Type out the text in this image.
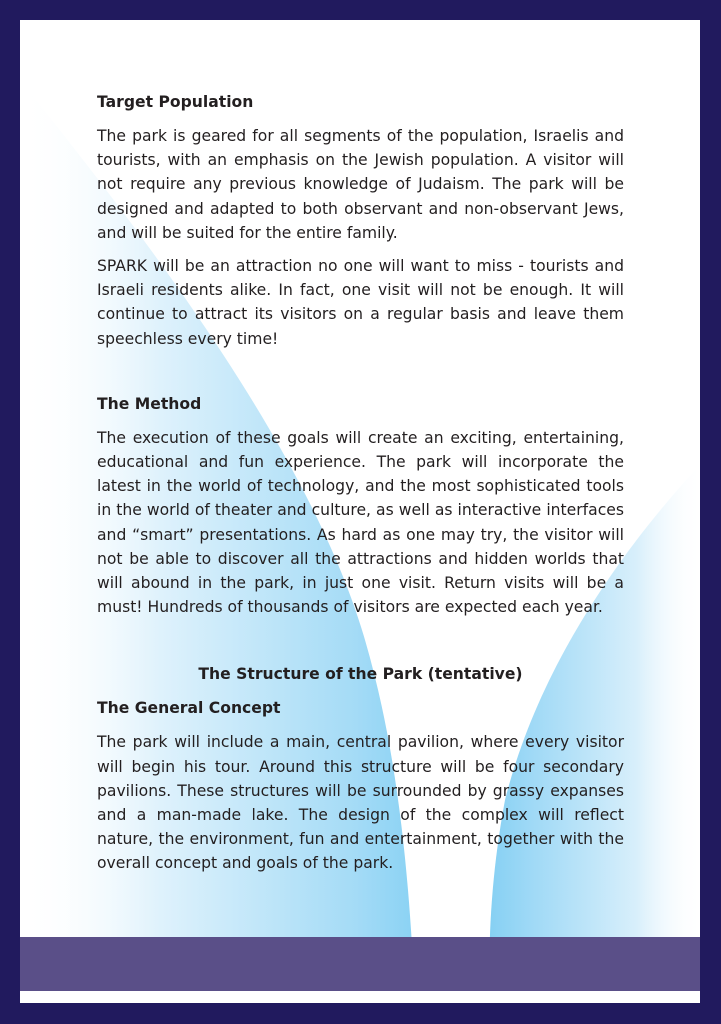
Target Population

The park is geared for all segments of the population, Israelis and tourists, with an emphasis on the Jewish population. A visitor will not require any previous knowledge of Judaism. The park will be designed and adapted to both observant and non-observant Jews, and will be suited for the entire family.

SPARK will be an attraction no one will want to miss - tourists and Israeli residents alike. In fact, one visit will not be enough. It will continue to attract its visitors on a regular basis and leave them speechless every time!

The Method

The execution of these goals will create an exciting, entertaining, educational and fun experience. The park will incorporate the latest in the world of technology, and the most sophisticated tools in the world of theater and culture, as well as interactive interfaces and “smart” presentations. As hard as one may try, the visitor will not be able to discover all the attractions and hidden worlds that will abound in the park, in just one visit. Return visits will be a must! Hundreds of thousands of visitors are expected each year.

The Structure of the Park (tentative)
The General Concept

The park will include a main, central pavilion, where every visitor will begin his tour. Around this structure will be four secondary pavilions. These structures will be surrounded by grassy expanses and a man-made lake. The design of the complex will reflect nature, the environment, fun and entertainment, together with the overall concept and goals of the park.
